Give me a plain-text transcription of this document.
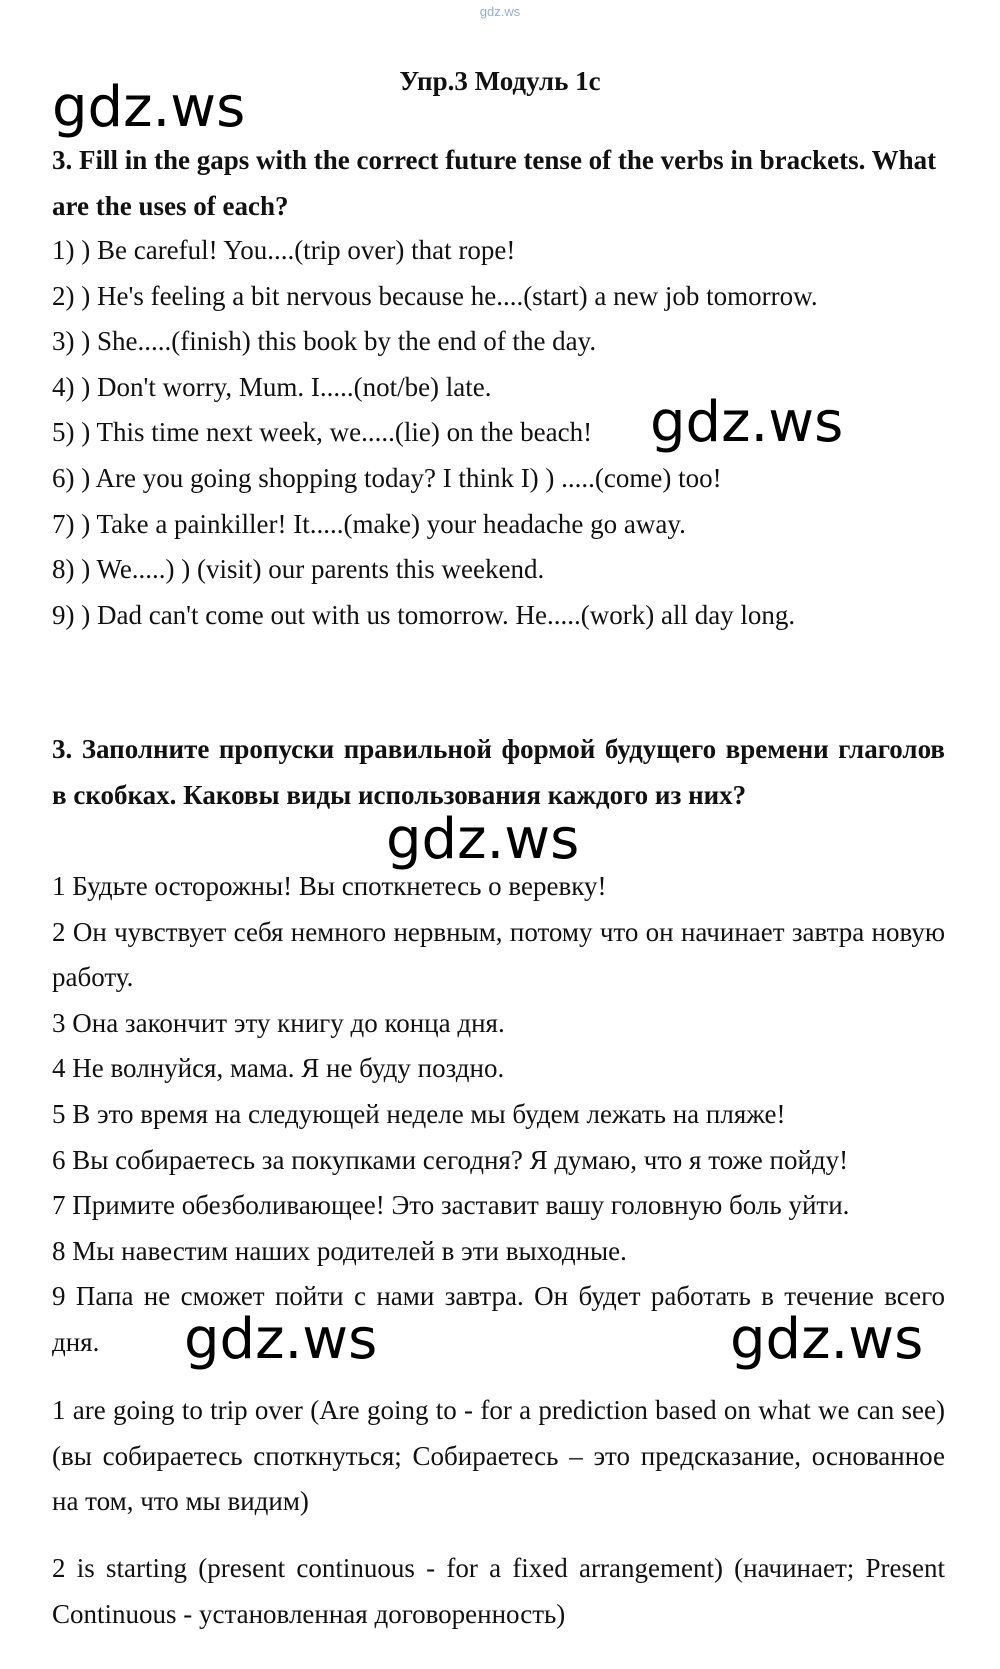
gdz.ws
Упр.3 Модуль 1с
3. Fill in the gaps with the correct future tense of the verbs in brackets. What are the uses of each?
1) ) Be careful! You....(trip over) that rope!
2) ) He's feeling a bit nervous because he....(start) a new job tomorrow.
3) ) She.....(finish) this book by the end of the day.
4) ) Don't worry, Mum. I.....(not/be) late.
5) ) This time next week, we.....(lie) on the beach!
6) ) Are you going shopping today? I think I) ) .....(come) too!
7) ) Take a painkiller! It.....(make) your headache go away.
8) ) We.....) ) (visit) our parents this weekend.
9) ) Dad can't come out with us tomorrow. He.....(work) all day long.
3. Заполните пропуски правильной формой будущего времени глаголов в скобках. Каковы виды использования каждого из них?
1 Будьте осторожны! Вы споткнетесь о веревку!
2 Он чувствует себя немного нервным, потому что он начинает завтра новую работу.
3 Она закончит эту книгу до конца дня.
4 Не волнуйся, мама. Я не буду поздно.
5 В это время на следующей неделе мы будем лежать на пляже!
6 Вы собираетесь за покупками сегодня? Я думаю, что я тоже пойду!
7 Примите обезболивающее! Это заставит вашу головную боль уйти.
8 Мы навестим наших родителей в эти выходные.
9 Папа не сможет пойти с нами завтра. Он будет работать в течение всего дня.
1 are going to trip over (Are going to - for a prediction based on what we can see) (вы собираетесь споткнуться; Собираетесь – это предсказание, основанное на том, что мы видим)
2 is starting (present continuous - for a fixed arrangement) (начинает; Present Continuous - установленная договоренность)
gdz.ws
gdz.ws
gdz.ws
gdz.ws	gdz.ws
